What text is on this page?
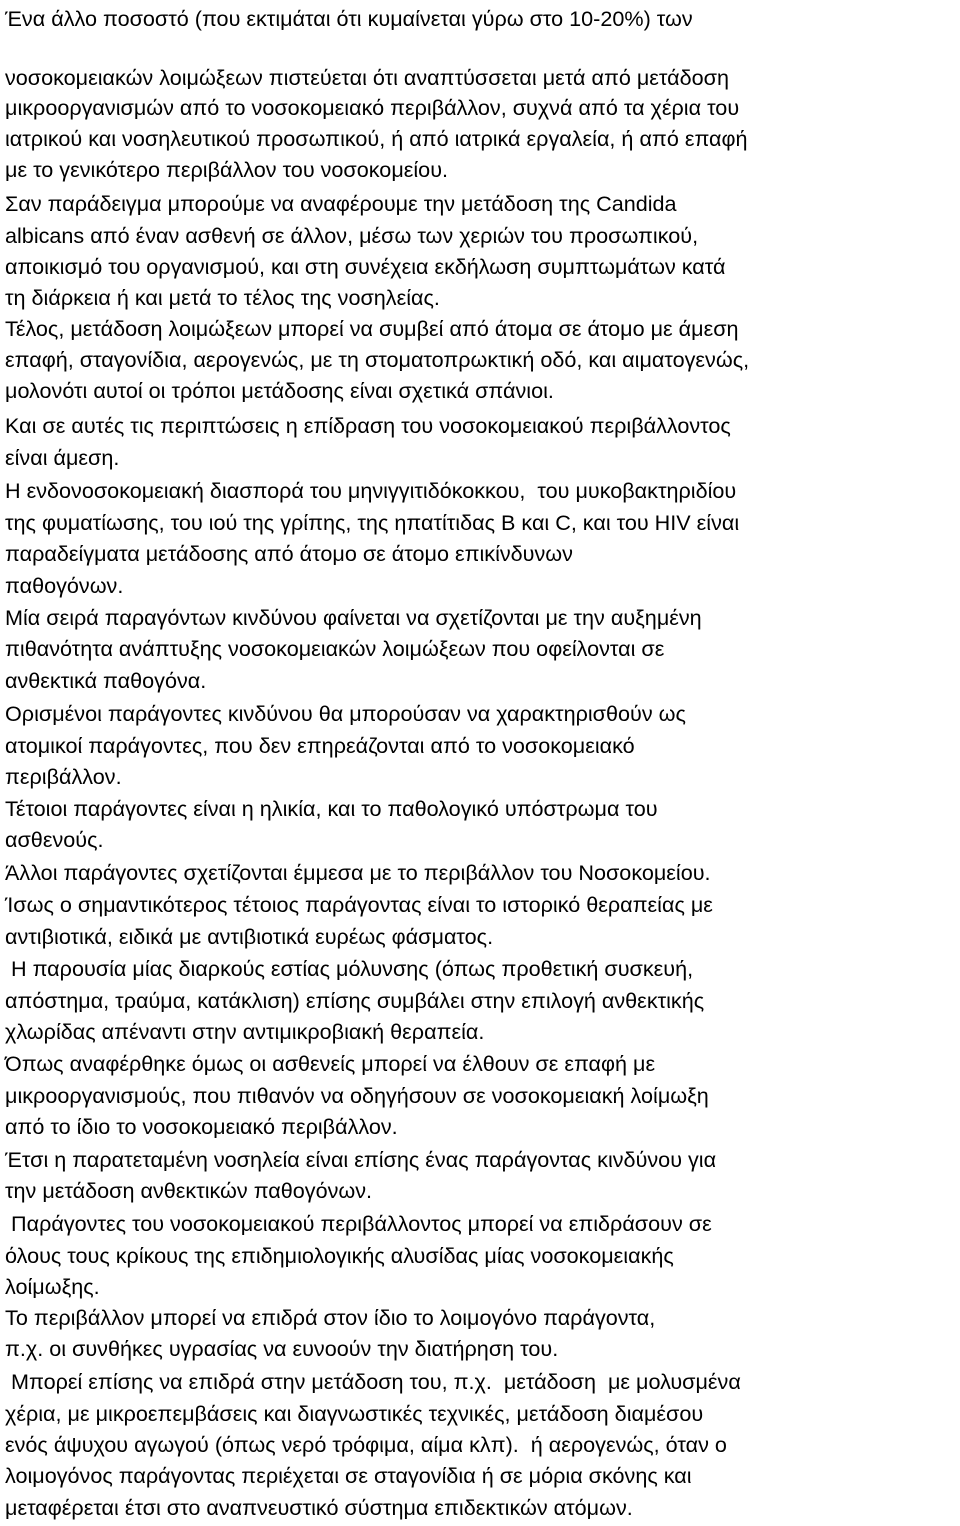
Ένα άλλο ποσοστό (που εκτιμάται ότι κυμαίνεται γύρω στο 10-20%) των
νοσοκομειακών λοιμώξεων πιστεύεται ότι αναπτύσσεται μετά από μετάδοση
μικροοργανισμών από το νοσοκομειακό περιβάλλον, συχνά από τα χέρια του
ιατρικού και νοσηλευτικού προσωπικού, ή από ιατρικά εργαλεία, ή από επαφή
με το γενικότερο περιβάλλον του νοσοκομείου.
Σαν παράδειγμα μπορούμε να αναφέρουμε την μετάδοση της Candida
albicans από έναν ασθενή σε άλλον, μέσω των χεριών του προσωπικού,
αποικισμό του οργανισμού, και στη συνέχεια εκδήλωση συμπτωμάτων κατά
τη διάρκεια ή και μετά το τέλος της νοσηλείας.
Τέλος, μετάδοση λοιμώξεων μπορεί να συμβεί από άτομα σε άτομο με άμεση
επαφή, σταγονίδια, αερογενώς, με τη στοματοπρωκτική οδό, και αιματογενώς,
μολονότι αυτοί οι τρόποι μετάδοσης είναι σχετικά σπάνιοι.
Και σε αυτές τις περιπτώσεις η επίδραση του νοσοκομειακού περιβάλλοντος
είναι άμεση.
Η ενδονοσοκομειακή διασπορά του μηνιγγιτιδόκοκκου,  του μυκοβακτηριδίου
της φυματίωσης, του ιού της γρίπης, της ηπατίτιδας Β και C, και του HIV είναι
παραδείγματα μετάδοσης από άτομο σε άτομο επικίνδυνων
παθογόνων.
Μία σειρά παραγόντων κινδύνου φαίνεται να σχετίζονται με την αυξημένη
πιθανότητα ανάπτυξης νοσοκομειακών λοιμώξεων που οφείλονται σε
ανθεκτικά παθογόνα.
Ορισμένοι παράγοντες κινδύνου θα μπορούσαν να χαρακτηρισθούν ως
ατομικοί παράγοντες, που δεν επηρεάζονται από το νοσοκομειακό
περιβάλλον.
Τέτοιοι παράγοντες είναι η ηλικία, και το παθολογικό υπόστρωμα του
ασθενούς.
Άλλοι παράγοντες σχετίζονται έμμεσα με το περιβάλλον του Νοσοκομείου.
Ίσως ο σημαντικότερος τέτοιος παράγοντας είναι το ιστορικό θεραπείας με
αντιβιοτικά, ειδικά με αντιβιοτικά ευρέως φάσματος.
Η παρουσία μίας διαρκούς εστίας μόλυνσης (όπως προθετική συσκευή,
απόστημα, τραύμα, κατάκλιση) επίσης συμβάλει στην επιλογή ανθεκτικής
χλωρίδας απέναντι στην αντιμικροβιακή θεραπεία.
Όπως αναφέρθηκε όμως οι ασθενείς μπορεί να έλθουν σε επαφή με
μικροοργανισμούς, που πιθανόν να οδηγήσουν σε νοσοκομειακή λοίμωξη
από το ίδιο το νοσοκομειακό περιβάλλον.
Έτσι η παρατεταμένη νοσηλεία είναι επίσης ένας παράγοντας κινδύνου για
την μετάδοση ανθεκτικών παθογόνων.
Παράγοντες του νοσοκομειακού περιβάλλοντος μπορεί να επιδράσουν σε
όλους τους κρίκους της επιδημιολογικής αλυσίδας μίας νοσοκομειακής
λοίμωξης.
Το περιβάλλον μπορεί να επιδρά στον ίδιο το λοιμογόνο παράγοντα,
π.χ. οι συνθήκες υγρασίας να ευνοούν την διατήρηση του.
Μπορεί επίσης να επιδρά στην μετάδοση του, π.χ.  μετάδοση  με μολυσμένα
χέρια, με μικροεπεμβάσεις και διαγνωστικές τεχνικές, μετάδοση διαμέσου
ενός άψυχου αγωγού (όπως νερό τρόφιμα, αίμα κλπ).  ή αερογενώς, όταν ο
λοιμογόνος παράγοντας περιέχεται σε σταγονίδια ή σε μόρια σκόνης και
μεταφέρεται έτσι στο αναπνευστικό σύστημα επιδεκτικών ατόμων.
